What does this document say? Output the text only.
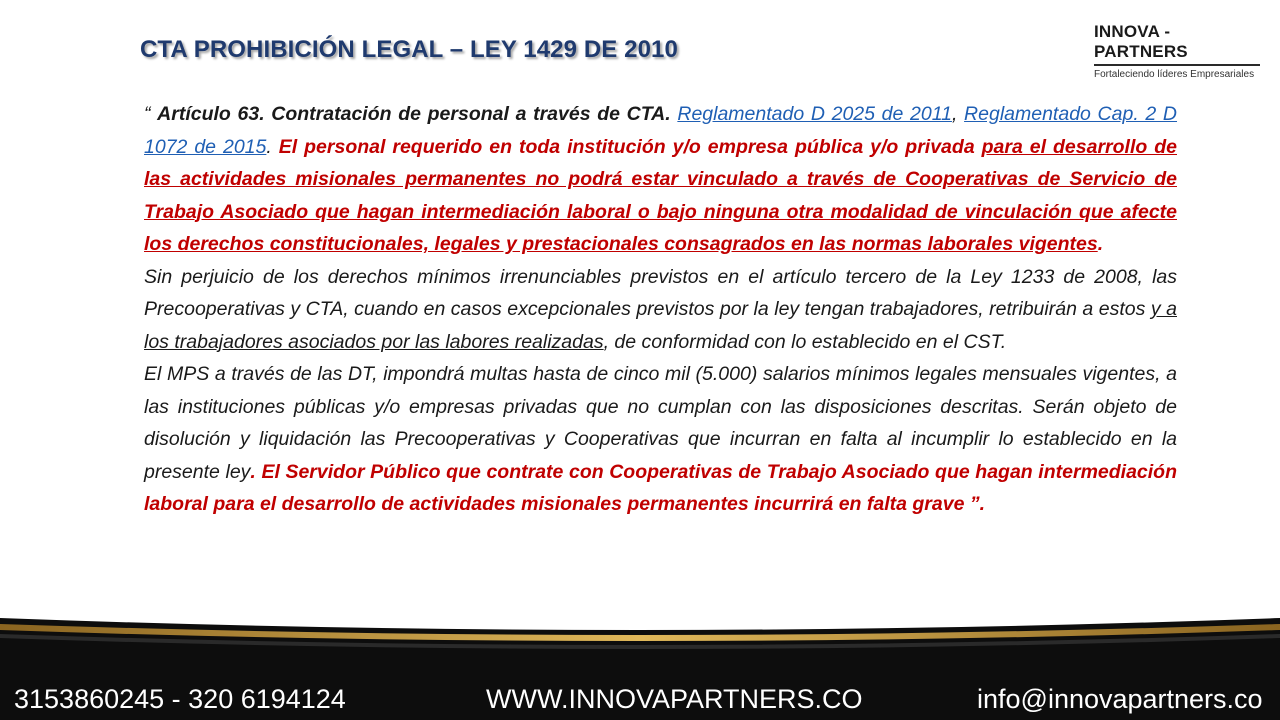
INNOVA - PARTNERS
Fortaleciendo líderes Empresariales
CTA PROHIBICIÓN LEGAL – LEY 1429 DE 2010

“ Artículo 63. Contratación de personal a través de CTA. Reglamentado D 2025 de 2011, Reglamentado Cap. 2 D 1072 de 2015. El personal requerido en toda institución y/o empresa pública y/o privada para el desarrollo de las actividades misionales permanentes no podrá estar vinculado a través de Cooperativas de Servicio de Trabajo Asociado que hagan intermediación laboral o bajo ninguna otra modalidad de vinculación que afecte los derechos constitucionales, legales y prestacionales consagrados en las normas laborales vigentes.

Sin perjuicio de los derechos mínimos irrenunciables previstos en el artículo tercero de la Ley 1233 de 2008, las Precooperativas y CTA, cuando en casos excepcionales previstos por la ley tengan trabajadores, retribuirán a estos y a los trabajadores asociados por las labores realizadas, de conformidad con lo establecido en el CST.

El MPS a través de las DT, impondrá multas hasta de cinco mil (5.000) salarios mínimos legales mensuales vigentes, a las instituciones públicas y/o empresas privadas que no cumplan con las disposiciones descritas. Serán objeto de disolución y liquidación las Precooperativas y Cooperativas que incurran en falta al incumplir lo establecido en la presente ley. El Servidor Público que contrate con Cooperativas de Trabajo Asociado que hagan intermediación laboral para el desarrollo de actividades misionales permanentes incurrirá en falta grave ”.

3153860245 - 320 6194124	WWW.INNOVAPARTNERS.CO	info@innovapartners.co
